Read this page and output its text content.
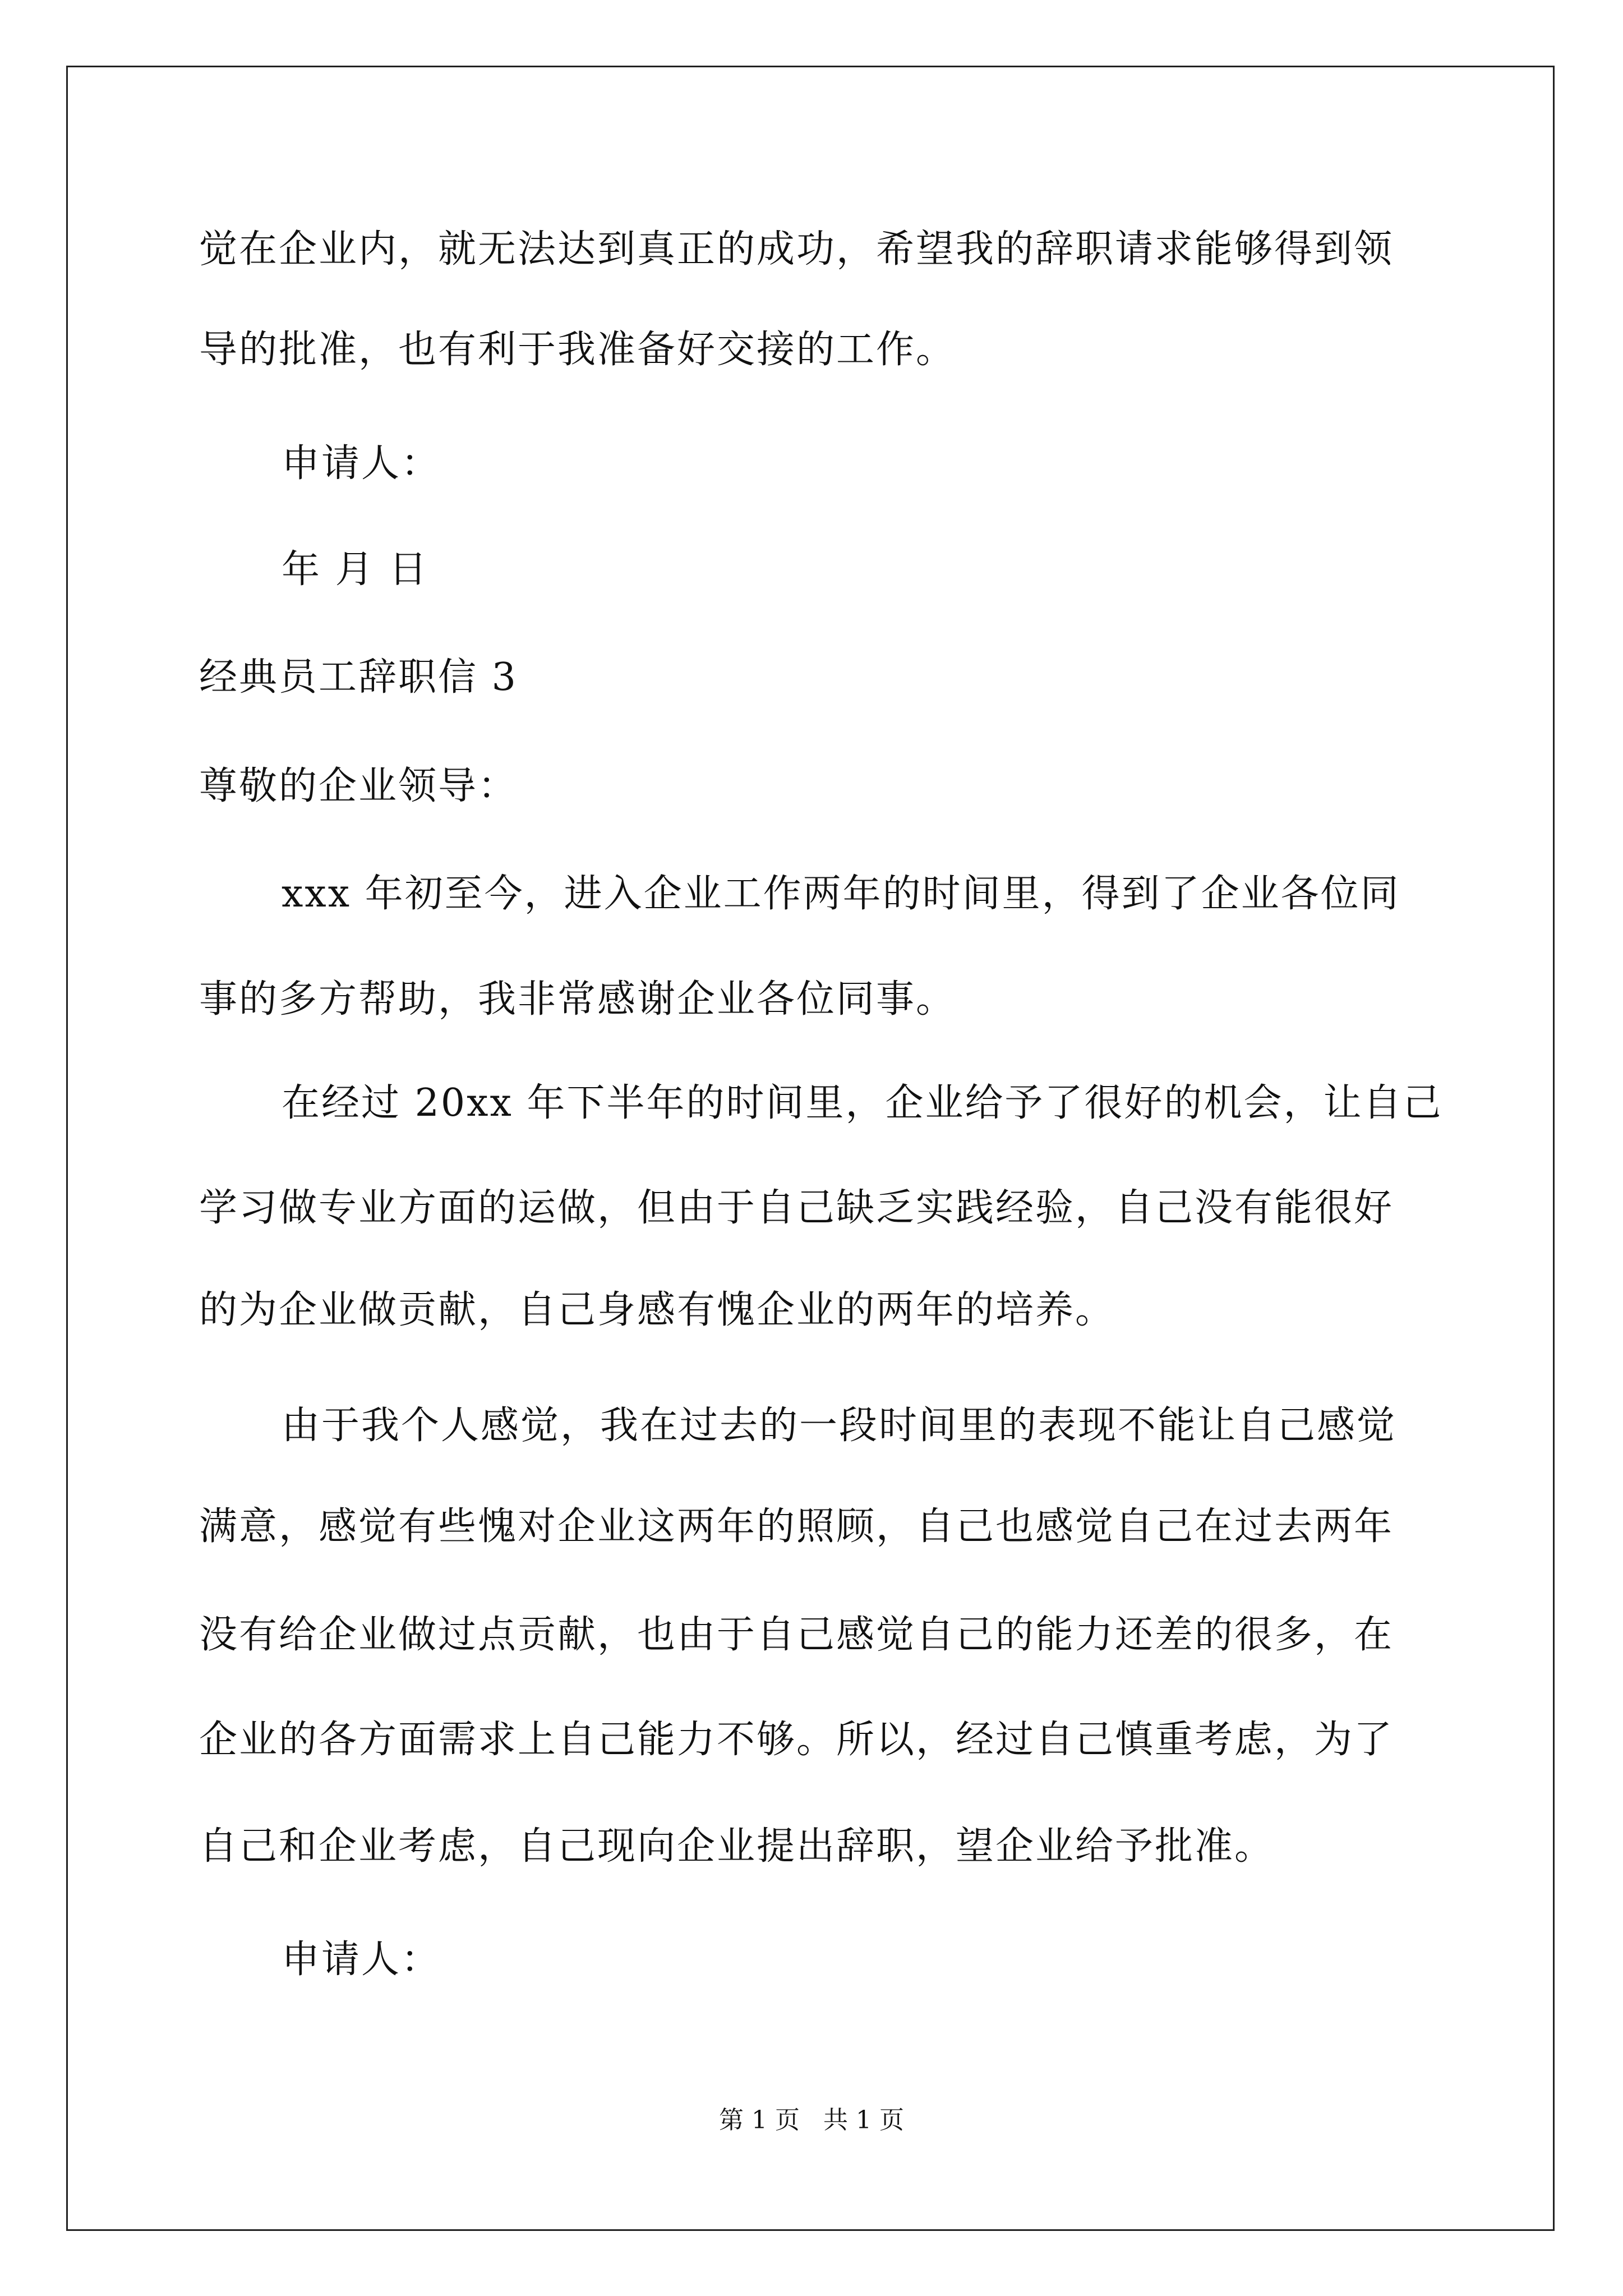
觉在企业内，就无法达到真正的成功，希望我的辞职请求能够得到领
导的批准，也有利于我准备好交接的工作。
申请人：
年 月 日
经典员工辞职信 3
尊敬的企业领导：
xxx 年初至今，进入企业工作两年的时间里，得到了企业各位同
事的多方帮助，我非常感谢企业各位同事。
在经过 20xx 年下半年的时间里，企业给予了很好的机会，让自己
学习做专业方面的运做，但由于自己缺乏实践经验，自己没有能很好
的为企业做贡献，自己身感有愧企业的两年的培养。
由于我个人感觉，我在过去的一段时间里的表现不能让自己感觉
满意，感觉有些愧对企业这两年的照顾，自己也感觉自己在过去两年
没有给企业做过点贡献，也由于自己感觉自己的能力还差的很多，在
企业的各方面需求上自己能力不够。所以，经过自己慎重考虑，为了
自己和企业考虑，自己现向企业提出辞职，望企业给予批准。
申请人：
第 1 页   共 1 页
